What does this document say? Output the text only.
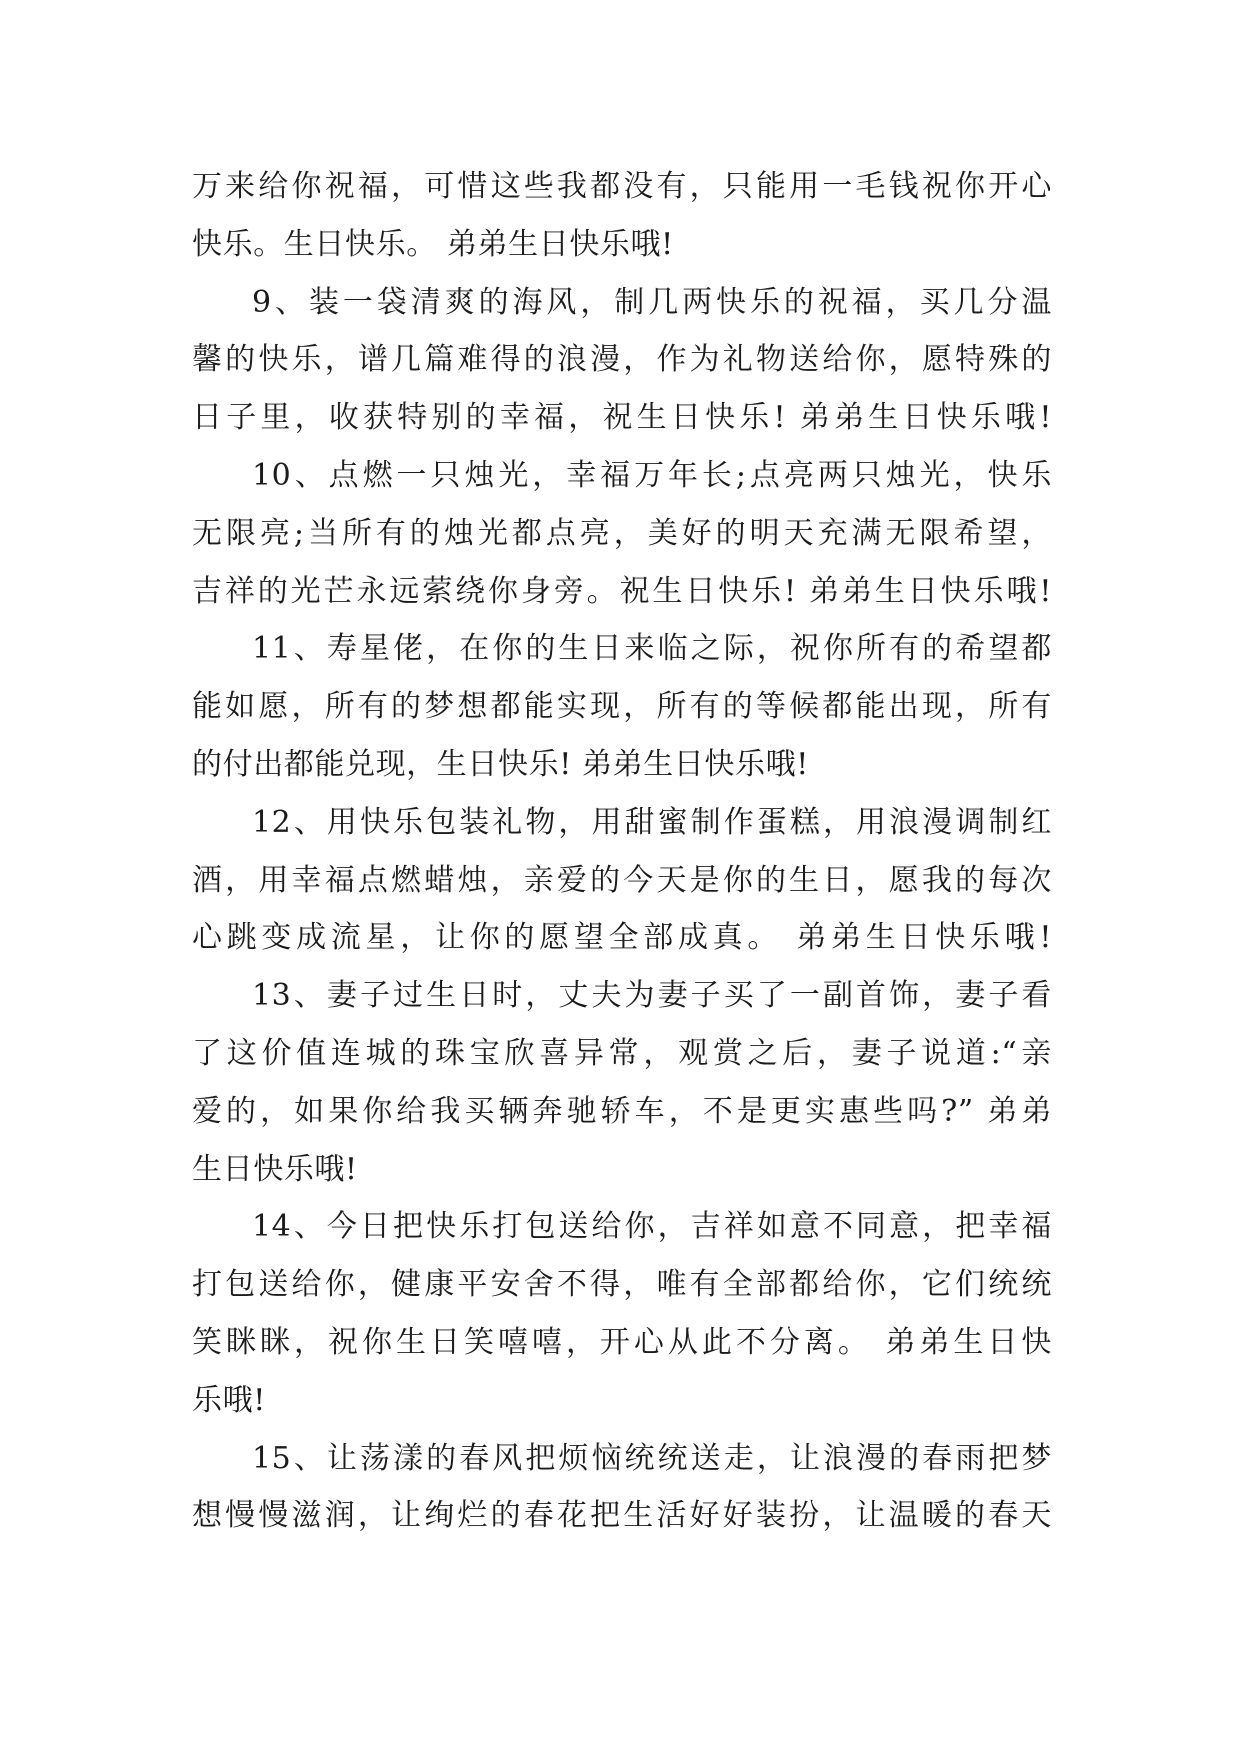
万来给你祝福，可惜这些我都没有，只能用一毛钱祝你开心
快乐。生日快乐。 弟弟生日快乐哦!
9、装一袋清爽的海风，制几两快乐的祝福，买几分温
馨的快乐，谱几篇难得的浪漫，作为礼物送给你，愿特殊的
日子里，收获特别的幸福，祝生日快乐! 弟弟生日快乐哦!
10、点燃一只烛光，幸福万年长;点亮两只烛光，快乐
无限亮;当所有的烛光都点亮，美好的明天充满无限希望，
吉祥的光芒永远萦绕你身旁。祝生日快乐! 弟弟生日快乐哦!
11、寿星佬，在你的生日来临之际，祝你所有的希望都
能如愿，所有的梦想都能实现，所有的等候都能出现，所有
的付出都能兑现，生日快乐! 弟弟生日快乐哦!
12、用快乐包装礼物，用甜蜜制作蛋糕，用浪漫调制红
酒，用幸福点燃蜡烛，亲爱的今天是你的生日，愿我的每次
心跳变成流星，让你的愿望全部成真。 弟弟生日快乐哦!
13、妻子过生日时，丈夫为妻子买了一副首饰，妻子看
了这价值连城的珠宝欣喜异常，观赏之后，妻子说道:“亲
爱的，如果你给我买辆奔驰轿车，不是更实惠些吗?” 弟弟
生日快乐哦!
14、今日把快乐打包送给你，吉祥如意不同意，把幸福
打包送给你，健康平安舍不得，唯有全部都给你，它们统统
笑眯眯，祝你生日笑嘻嘻，开心从此不分离。 弟弟生日快
乐哦!
15、让荡漾的春风把烦恼统统送走，让浪漫的春雨把梦
想慢慢滋润，让绚烂的春花把生活好好装扮，让温暖的春天
